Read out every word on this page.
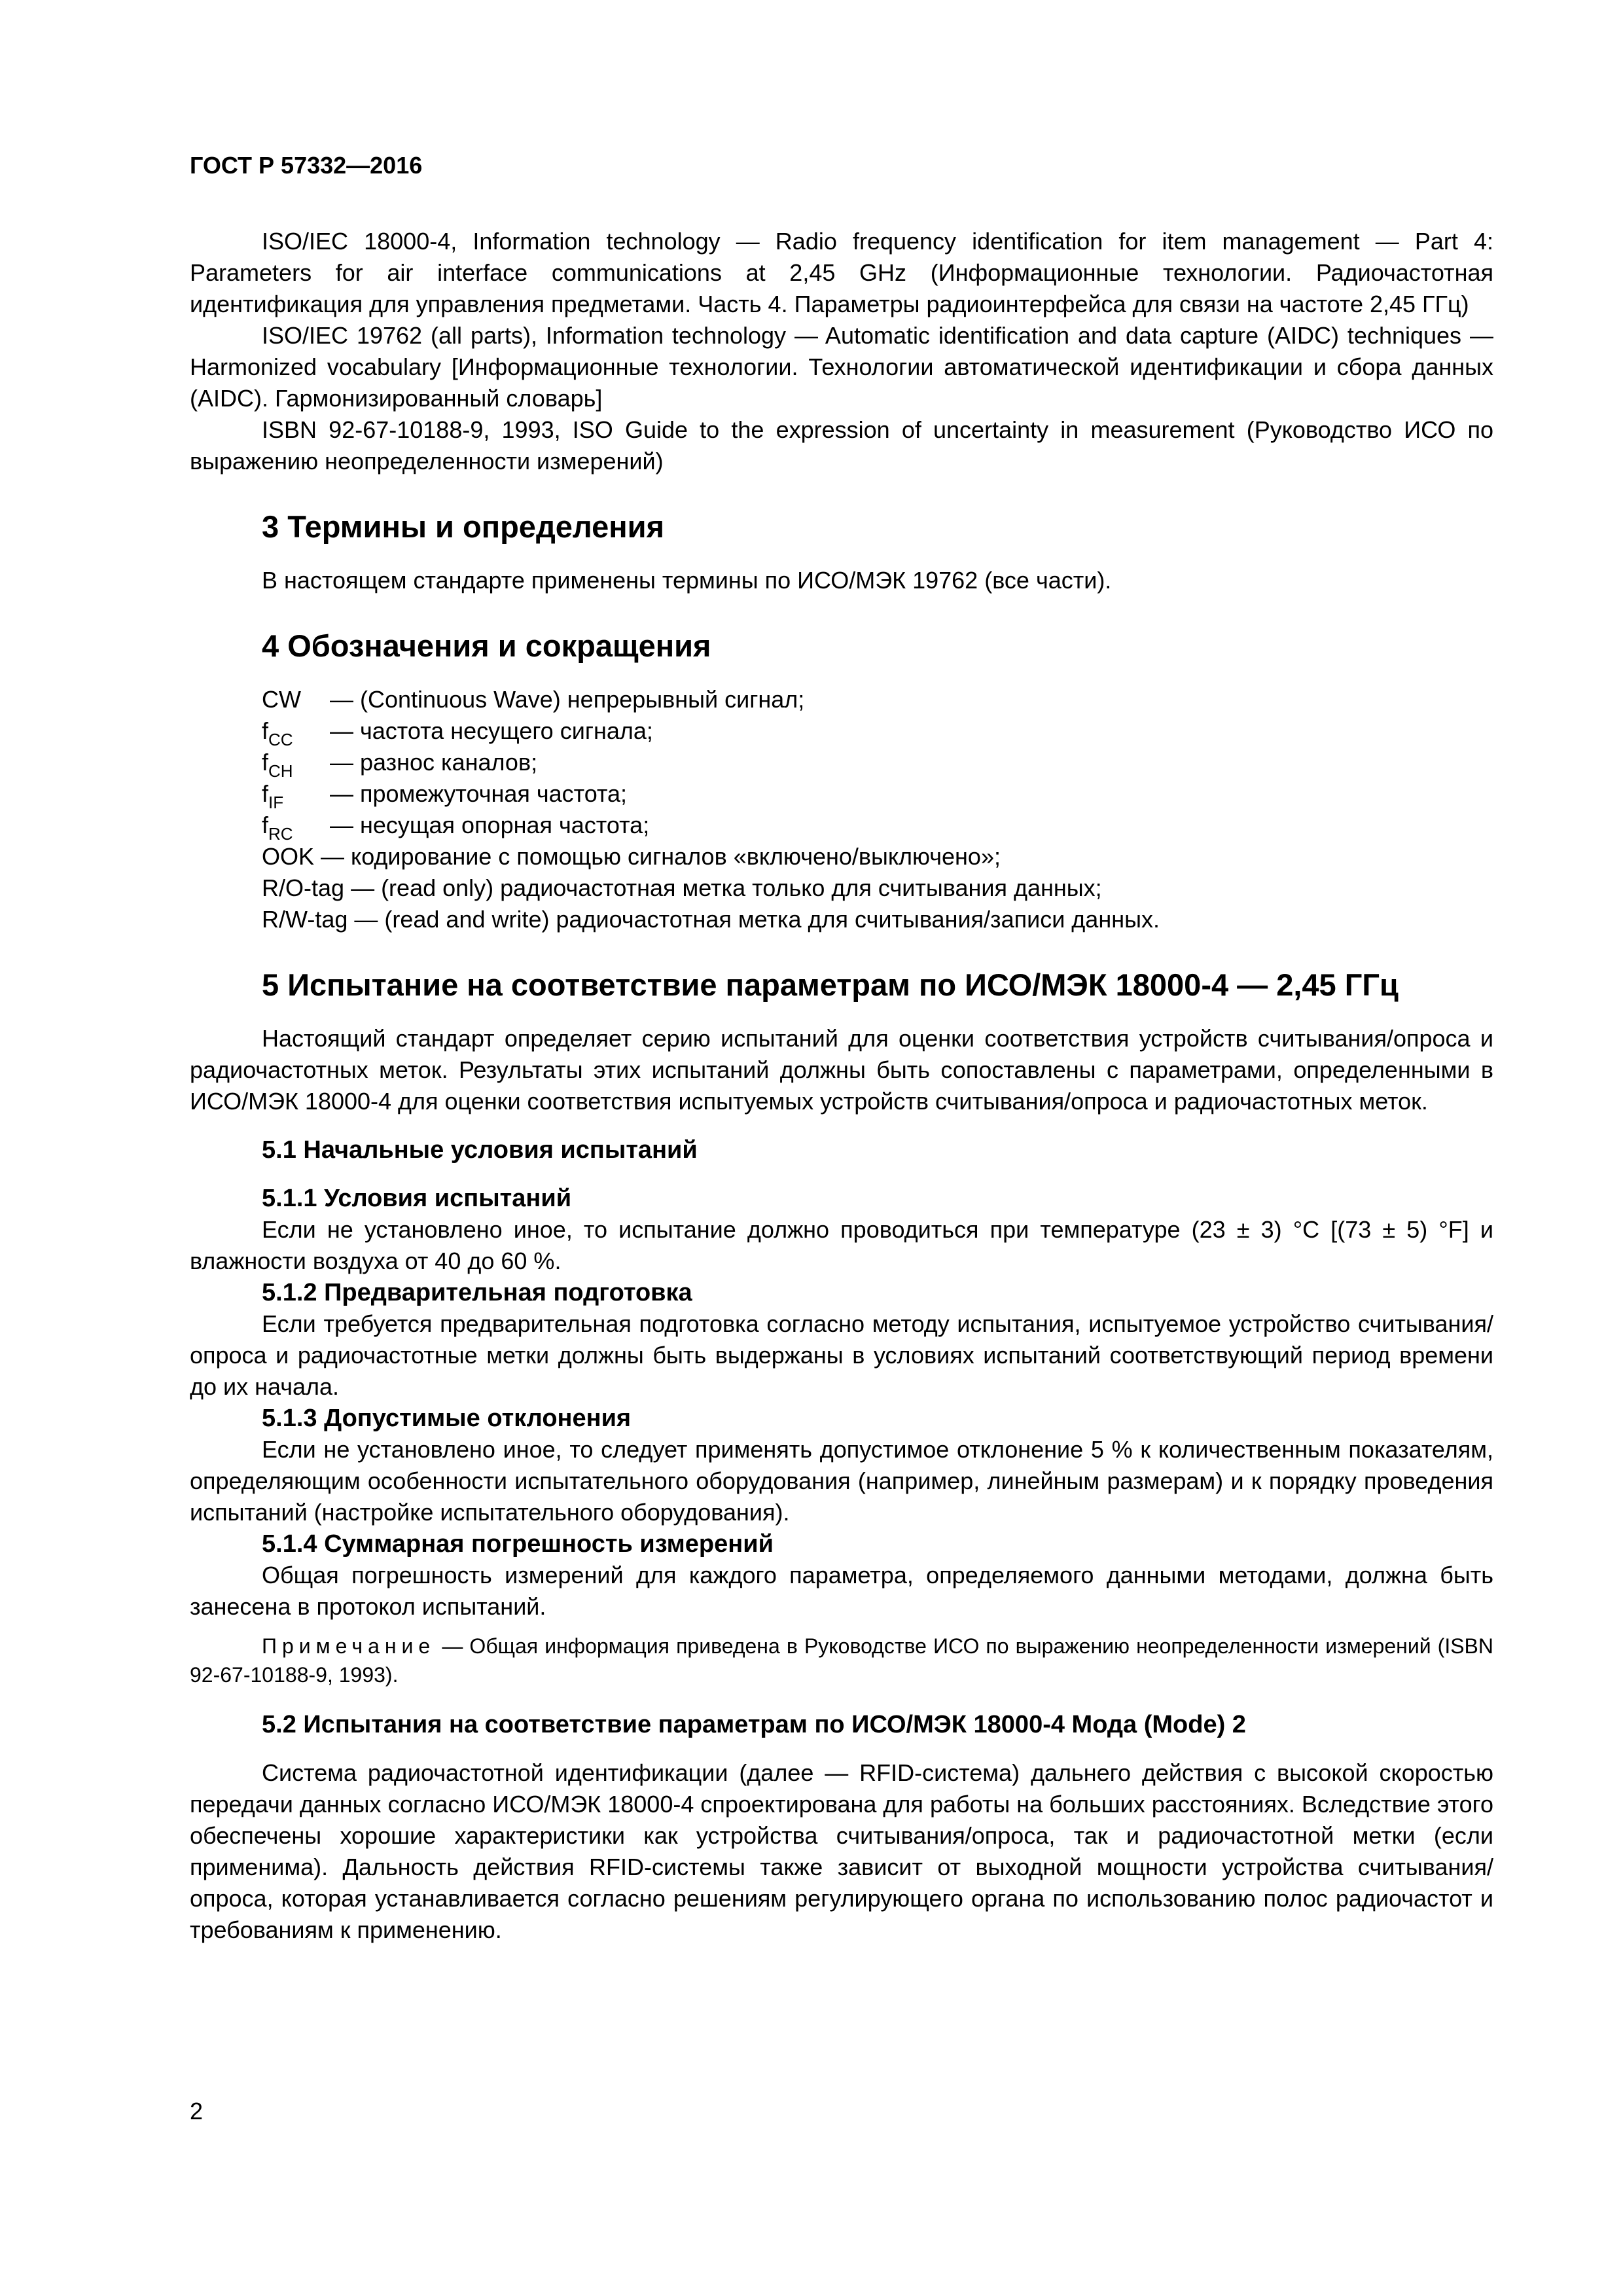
ГОСТ Р 57332—2016

ISO/IEC 18000-4, Information technology — Radio frequency identification for item management — Part 4: Parameters for air interface communications at 2,45 GHz (Информационные технологии. Радиочастотная идентификация для управления предметами. Часть 4. Параметры радиоинтерфейса для связи на частоте 2,45 ГГц)

ISO/IEC 19762 (all parts), Information technology — Automatic identification and data capture (AIDC) techniques — Harmonized vocabulary [Информационные технологии. Технологии автоматической идентификации и сбора данных (AIDC). Гармонизированный словарь]

ISBN 92-67-10188-9, 1993, ISO Guide to the expression of uncertainty in measurement (Руководство ИСО по выражению неопределенности измерений)

3 Термины и определения

В настоящем стандарте применены термины по ИСО/МЭК 19762 (все части).

4 Обозначения и сокращения
CW — (Continuous Wave) непрерывный сигнал;
$f_{CC}$ — частота несущего сигнала;
$f_{CH}$ — разнос каналов;
$f_{IF}$ — промежуточная частота;
$f_{RC}$ — несущая опорная частота;
OOK — кодирование с помощью сигналов «включено/выключено»;
R/O-tag — (read only) радиочастотная метка только для считывания данных;
R/W-tag — (read and write) радиочастотная метка для считывания/записи данных.
5 Испытание на соответствие параметрам по ИСО/МЭК 18000-4 — 2,45 ГГц

Настоящий стандарт определяет серию испытаний для оценки соответствия устройств считывания/опроса и радиочастотных меток. Результаты этих испытаний должны быть сопоставлены с параметрами, определенными в ИСО/МЭК 18000-4 для оценки соответствия испытуемых устройств считывания/опроса и радиочастотных меток.

5.1 Начальные условия испытаний
5.1.1 Условия испытаний

Если не установлено иное, то испытание должно проводиться при температуре (23 ± 3) °С [(73 ± 5) °F] и влажности воздуха от 40 до 60 %.

5.1.2 Предварительная подготовка

Если требуется предварительная подготовка согласно методу испытания, испытуемое устройство считывания/опроса и радиочастотные метки должны быть выдержаны в условиях испытаний соответствующий период времени до их начала.

5.1.3 Допустимые отклонения

Если не установлено иное, то следует применять допустимое отклонение 5 % к количественным показателям, определяющим особенности испытательного оборудования (например, линейным размерам) и к порядку проведения испытаний (настройке испытательного оборудования).

5.1.4 Суммарная погрешность измерений

Общая погрешность измерений для каждого параметра, определяемого данными методами, должна быть занесена в протокол испытаний.

Примечание — Общая информация приведена в Руководстве ИСО по выражению неопределенности измерений (ISBN 92-67-10188-9, 1993).

5.2 Испытания на соответствие параметрам по ИСО/МЭК 18000-4 Мода (Mode) 2

Система радиочастотной идентификации (далее — RFID-система) дальнего действия с высокой скоростью передачи данных согласно ИСО/МЭК 18000-4 спроектирована для работы на больших расстояниях. Вследствие этого обеспечены хорошие характеристики как устройства считывания/опроса, так и радиочастотной метки (если применима). Дальность действия RFID-системы также зависит от выходной мощности устройства считывания/опроса, которая устанавливается согласно решениям регулирующего органа по использованию полос радиочастот и требованиям к применению.

2
